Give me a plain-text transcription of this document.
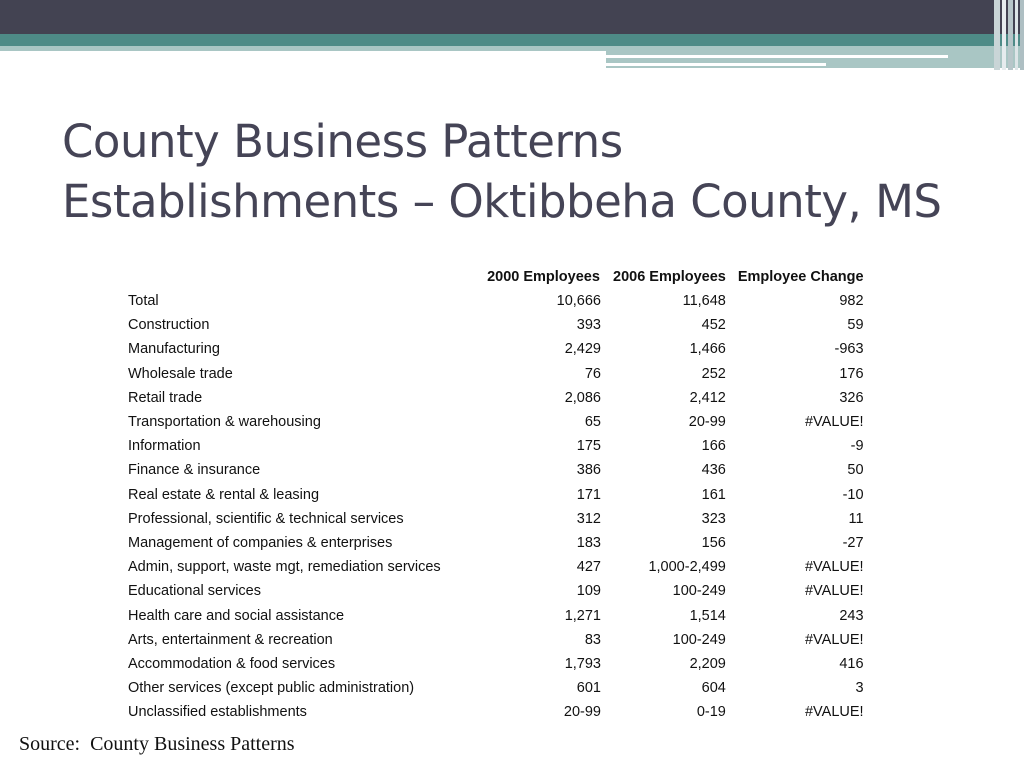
County Business Patterns
Establishments – Oktibbeha County, MS
	2000 Employees	2006 Employees	Employee Change
Total	10,666	11,648	982
Construction	393	452	59
Manufacturing	2,429	1,466	-963
Wholesale trade	76	252	176
Retail trade	2,086	2,412	326
Transportation & warehousing	65	20-99	#VALUE!
Information	175	166	-9
Finance & insurance	386	436	50
Real estate & rental & leasing	171	161	-10
Professional, scientific & technical services	312	323	11
Management of companies & enterprises	183	156	-27
Admin, support, waste mgt, remediation services	427	1,000-2,499	#VALUE!
Educational services	109	100-249	#VALUE!
Health care and social assistance	1,271	1,514	243
Arts, entertainment & recreation	83	100-249	#VALUE!
Accommodation & food services	1,793	2,209	416
Other services (except public administration)	601	604	3
Unclassified establishments	20-99	0-19	#VALUE!

Source:  County Business Patterns
